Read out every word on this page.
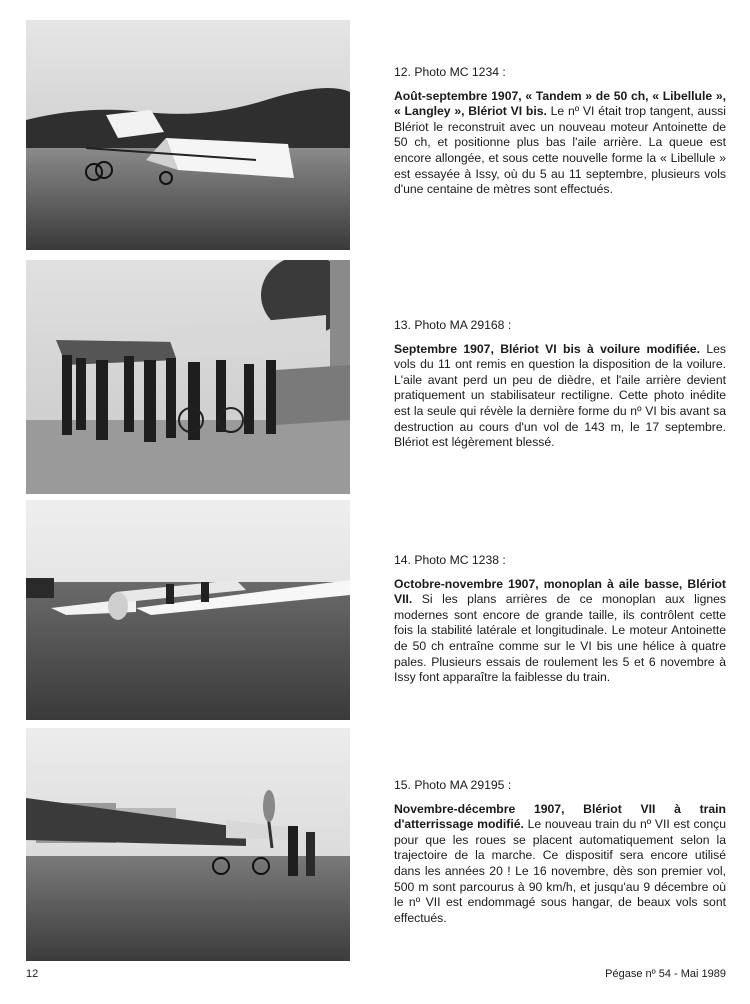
12. Photo MC 1234 :
Août-septembre 1907, « Tandem » de 50 ch, « Libellule », « Langley », Blériot VI bis. Le nº VI était trop tangent, aussi Blériot le reconstruit avec un nouveau moteur Antoinette de 50 ch, et positionne plus bas l'aile arrière. La queue est encore allongée, et sous cette nouvelle forme la « Libellule » est essayée à Issy, où du 5 au 11 septembre, plusieurs vols d'une centaine de mètres sont effectués.
13. Photo MA 29168 :
Septembre 1907, Blériot VI bis à voilure modifiée. Les vols du 11 ont remis en question la disposition de la voilure. L'aile avant perd un peu de dièdre, et l'aile arrière devient pratiquement un stabilisateur rectiligne. Cette photo inédite est la seule qui révèle la dernière forme du nº VI bis avant sa destruction au cours d'un vol de 143 m, le 17 septembre. Blériot est légèrement blessé.
14. Photo MC 1238 :
Octobre-novembre 1907, monoplan à aile basse, Blériot VII. Si les plans arrières de ce monoplan aux lignes modernes sont encore de grande taille, ils contrôlent cette fois la stabilité latérale et longitudinale. Le moteur Antoinette de 50 ch entraîne comme sur le VI bis une hélice à quatre pales. Plusieurs essais de roulement les 5 et 6 novembre à Issy font apparaître la faiblesse du train.
15. Photo MA 29195 :
Novembre-décembre 1907, Blériot VII à train d'atterrissage modifié. Le nouveau train du nº VII est conçu pour que les roues se placent automatiquement selon la trajectoire de la marche. Ce dispositif sera encore utilisé dans les années 20 ! Le 16 novembre, dès son premier vol, 500 m sont parcourus à 90 km/h, et jusqu'au 9 décembre où le nº VII est endommagé sous hangar, de beaux vols sont effectués.
12	Pégase nº 54 - Mai 1989
